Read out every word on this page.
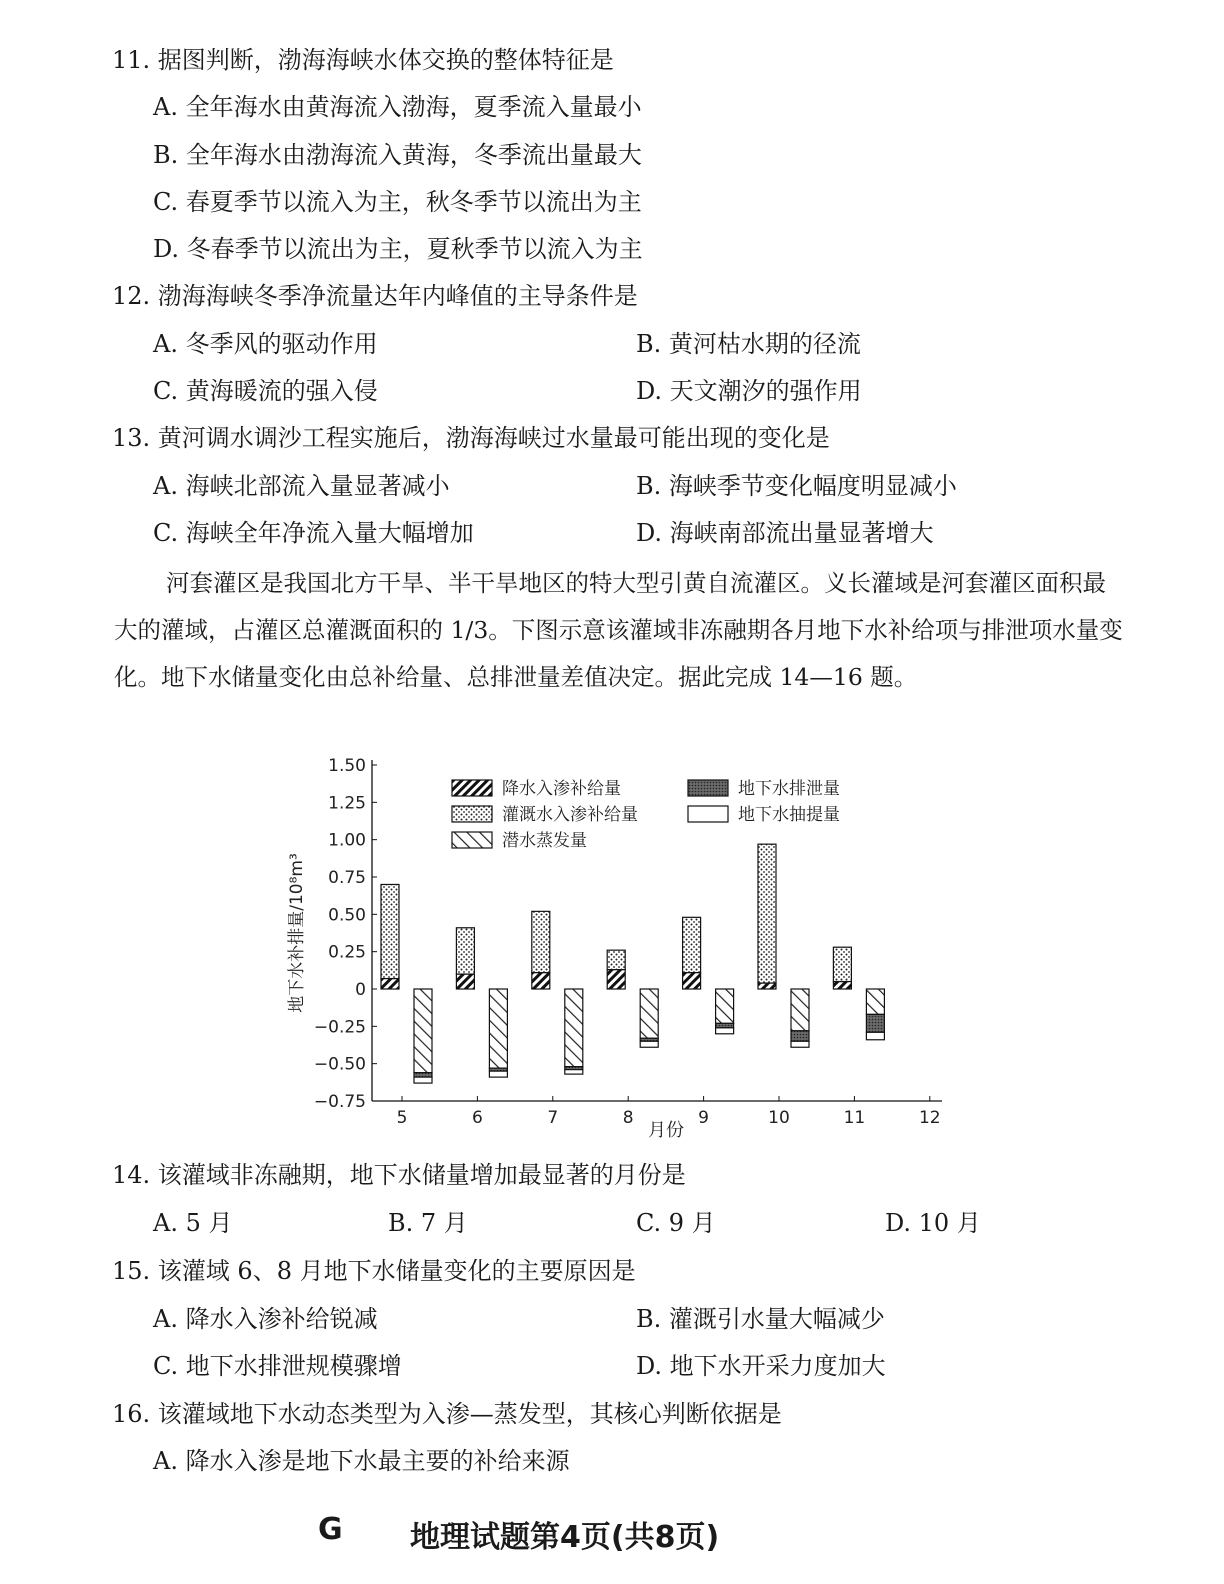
11. 据图判断，渤海海峡水体交换的整体特征是
A. 全年海水由黄海流入渤海，夏季流入量最小
B. 全年海水由渤海流入黄海，冬季流出量最大
C. 春夏季节以流入为主，秋冬季节以流出为主
D. 冬春季节以流出为主，夏秋季节以流入为主
12. 渤海海峡冬季净流量达年内峰值的主导条件是
A. 冬季风的驱动作用	B. 黄河枯水期的径流
C. 黄海暖流的强入侵	D. 天文潮汐的强作用
13. 黄河调水调沙工程实施后，渤海海峡过水量最可能出现的变化是
A. 海峡北部流入量显著减小	B. 海峡季节变化幅度明显减小
C. 海峡全年净流入量大幅增加	D. 海峡南部流出量显著增大
河套灌区是我国北方干旱、半干旱地区的特大型引黄自流灌区。义长灌域是河套灌区面积最大的灌域，占灌区总灌溉面积的 1/3。下图示意该灌域非冻融期各月地下水补给项与排泄项水量变化。地下水储量变化由总补给量、总排泄量差值决定。据此完成 14—16 题。
1.50
1.25
1.00
0.75
0.50
0.25
0
−0.25
−0.50
−0.75
5	6	7	8	9	10	11	12
月份
地下水补排量/10⁸m³
降水入渗补给量
灌溉水入渗补给量
潜水蒸发量
地下水排泄量
地下水抽提量
14. 该灌域非冻融期，地下水储量增加最显著的月份是
A. 5 月	B. 7 月	C. 9 月	D. 10 月
15. 该灌域 6、8 月地下水储量变化的主要原因是
A. 降水入渗补给锐减	B. 灌溉引水量大幅减少
C. 地下水排泄规模骤增	D. 地下水开采力度加大
16. 该灌域地下水动态类型为入渗—蒸发型，其核心判断依据是
A. 降水入渗是地下水最主要的补给来源
G 地理试题第4页(共8页)
